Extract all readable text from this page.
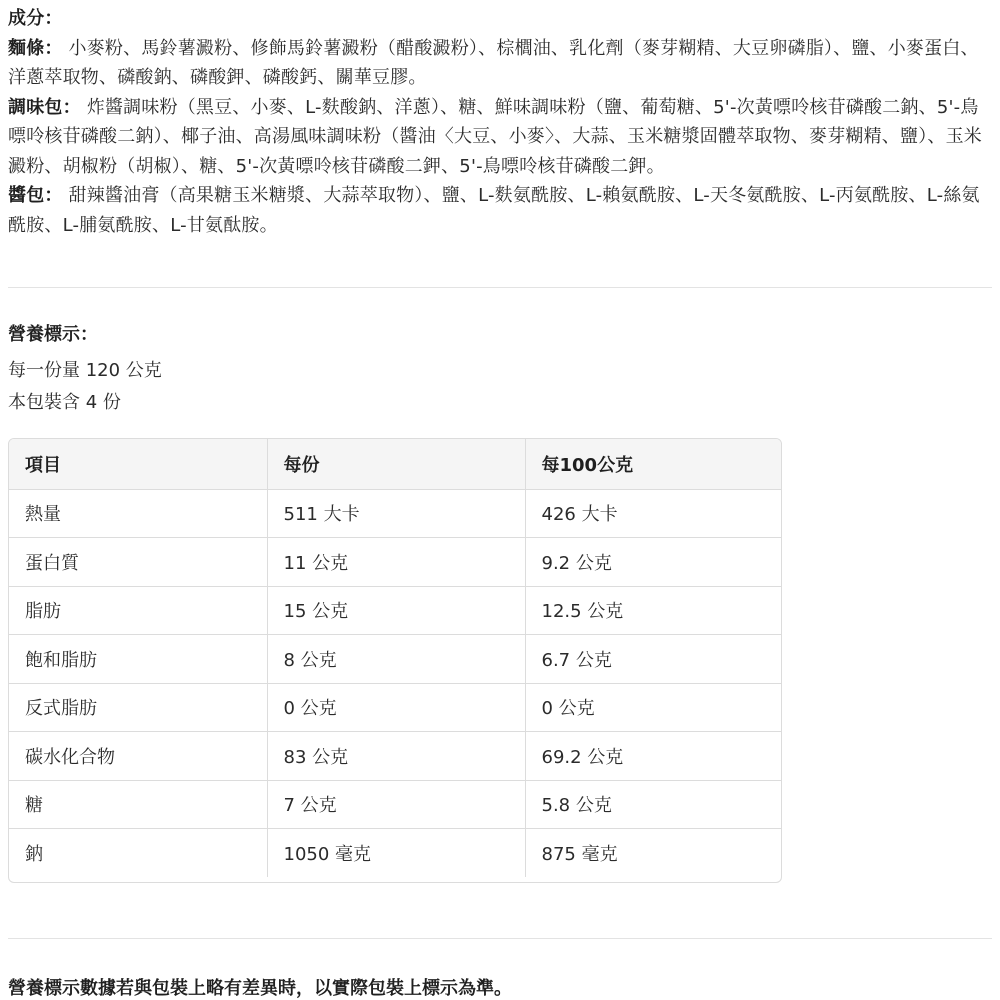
成分：

麵條： 小麥粉、馬鈴薯澱粉、修飾馬鈴薯澱粉（醋酸澱粉）、棕櫚油、乳化劑（麥芽糊精、大豆卵磷脂）、鹽、小麥蛋白、洋蔥萃取物、磷酸鈉、磷酸鉀、磷酸鈣、關華豆膠。

調味包： 炸醬調味粉（黑豆、小麥、L-麩酸鈉、洋蔥）、糖、鮮味調味粉（鹽、葡萄糖、5'-次黃嘌呤核苷磷酸二鈉、5'-鳥嘌呤核苷磷酸二鈉）、椰子油、高湯風味調味粉（醬油〈大豆、小麥〉、大蒜、玉米糖漿固體萃取物、麥芽糊精、鹽）、玉米澱粉、胡椒粉（胡椒）、糖、5'-次黃嘌呤核苷磷酸二鉀、5'-鳥嘌呤核苷磷酸二鉀。

醬包： 甜辣醬油膏（高果糖玉米糖漿、大蒜萃取物）、鹽、L-麩氨酰胺、L-賴氨酰胺、L-天冬氨酰胺、L-丙氨酰胺、L-絲氨酰胺、L-脯氨酰胺、L-甘氨酞胺。

營養標示：
每一份量 120 公克
本包裝含 4 份
項目	每份	每100公克
熱量	511 大卡	426 大卡
蛋白質	11 公克	9.2 公克
脂肪	15 公克	12.5 公克
飽和脂肪	8 公克	6.7 公克
反式脂肪	0 公克	0 公克
碳水化合物	83 公克	69.2 公克
糖	7 公克	5.8 公克
鈉	1050 毫克	875 毫克
營養標示數據若與包裝上略有差異時，以實際包裝上標示為準。
